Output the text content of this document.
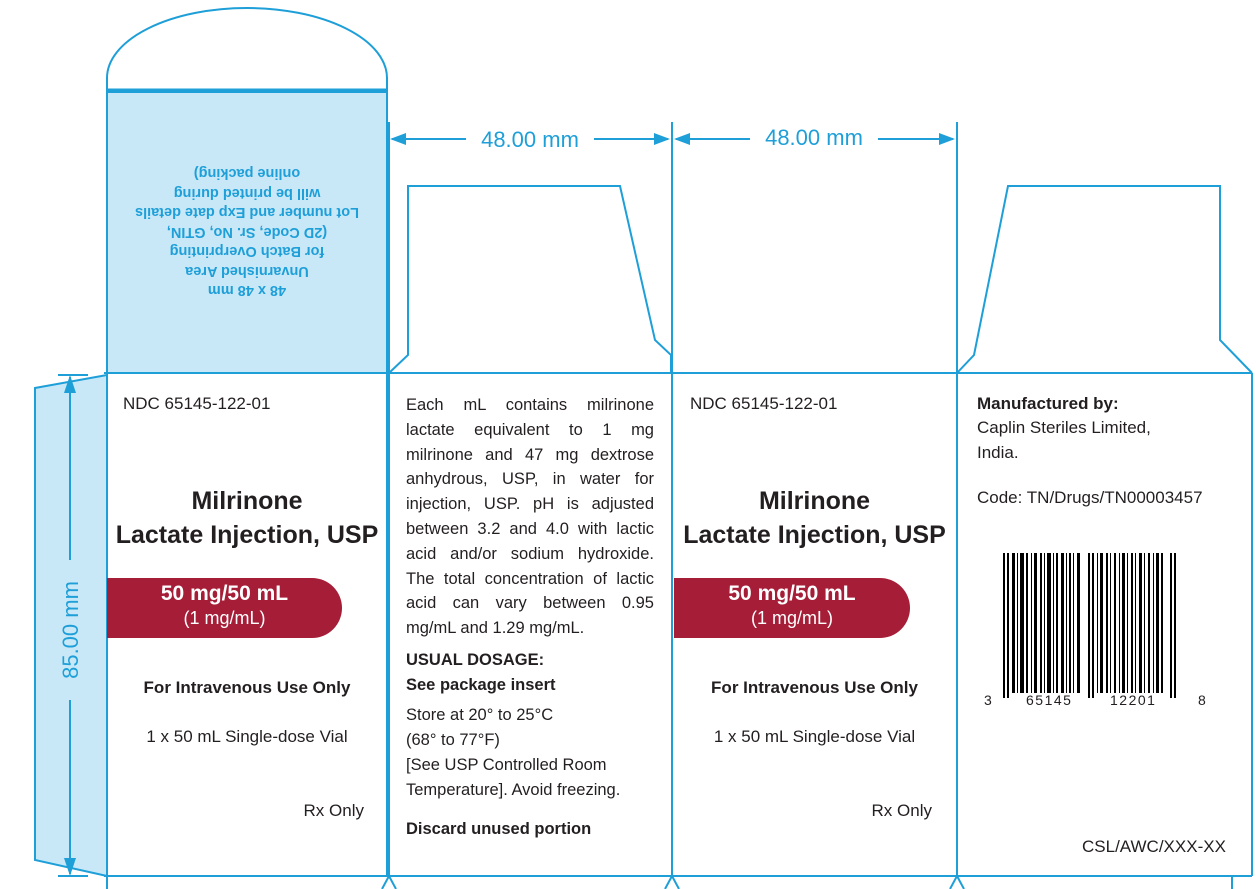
48.00 mm	48.00 mm
85.00 mm
48 x 48 mm
Unvarnished Area
for Batch Overprinting
(2D Code, Sr. No, GTIN,
Lot number and Exp date details
will be printed during
online packing)

NDC 65145-122-01

Milrinone

Lactate Injection, USP

50 mg/50 mL
(1 mg/mL)

For Intravenous Use Only

1 x 50 mL Single-dose Vial

Rx Only

Each mL contains milrinone lactate equivalent to 1 mg milrinone and 47 mg dextrose anhydrous, USP, in water for injection, USP. pH is adjusted between 3.2 and 4.0 with lactic acid and/or sodium hydroxide. The total concentration of lactic acid can vary between 0.95 mg/mL and 1.29 mg/mL.

USUAL DOSAGE:

See package insert

Store at 20° to 25°C

(68° to 77°F)

[See USP Controlled Room

Temperature]. Avoid freezing.

Discard unused portion

NDC 65145-122-01

Milrinone

Lactate Injection, USP

50 mg/50 mL
(1 mg/mL)

For Intravenous Use Only

1 x 50 mL Single-dose Vial

Rx Only

Manufactured by:

Caplin Steriles Limited,

India.

Code: TN/Drugs/TN00003457

3 65145	12201	8

CSL/AWC/XXX-XX
